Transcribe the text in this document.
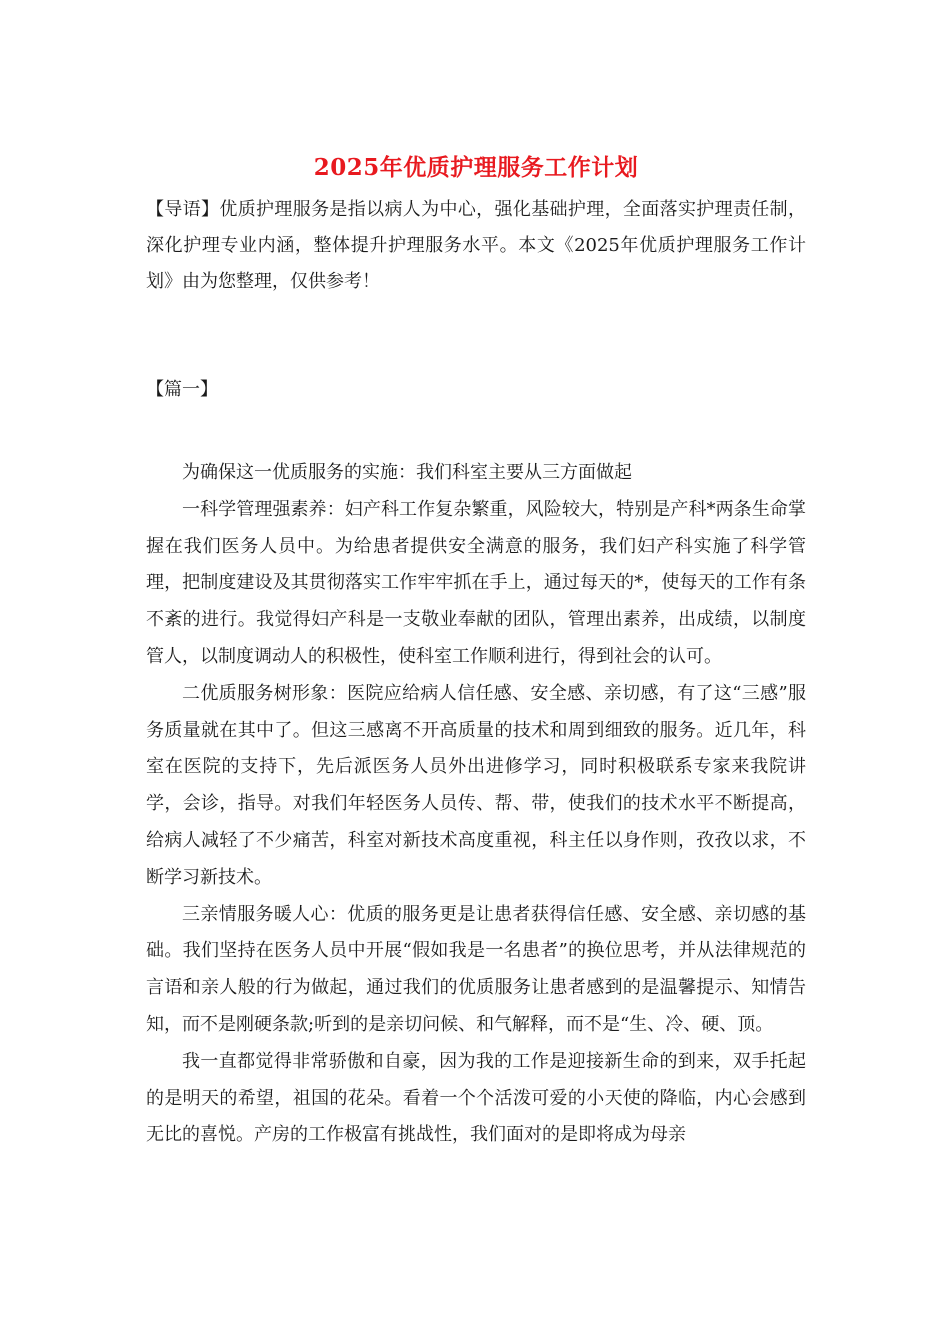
2025年优质护理服务工作计划

【导语】优质护理服务是指以病人为中心，强化基础护理，全面落实护理责任制，深化护理专业内涵，整体提升护理服务水平。本文《2025年优质护理服务工作计划》由为您整理，仅供参考！

【篇一】

为确保这一优质服务的实施：我们科室主要从三方面做起

一科学管理强素养：妇产科工作复杂繁重，风险较大，特别是产科*两条生命掌握在我们医务人员中。为给患者提供安全满意的服务，我们妇产科实施了科学管理，把制度建设及其贯彻落实工作牢牢抓在手上，通过每天的*，使每天的工作有条不紊的进行。我觉得妇产科是一支敬业奉献的团队，管理出素养，出成绩，以制度管人，以制度调动人的积极性，使科室工作顺利进行，得到社会的认可。

二优质服务树形象：医院应给病人信任感、安全感、亲切感，有了这“三感”服务质量就在其中了。但这三感离不开高质量的技术和周到细致的服务。近几年，科室在医院的支持下，先后派医务人员外出进修学习，同时积极联系专家来我院讲学，会诊，指导。对我们年轻医务人员传、帮、带，使我们的技术水平不断提高，给病人减轻了不少痛苦，科室对新技术高度重视，科主任以身作则，孜孜以求，不断学习新技术。

三亲情服务暖人心：优质的服务更是让患者获得信任感、安全感、亲切感的基础。我们坚持在医务人员中开展“假如我是一名患者”的换位思考，并从法律规范的言语和亲人般的行为做起，通过我们的优质服务让患者感到的是温馨提示、知情告知，而不是刚硬条款;听到的是亲切问候、和气解释，而不是“生、冷、硬、顶。

我一直都觉得非常骄傲和自豪，因为我的工作是迎接新生命的到来，双手托起的是明天的希望，祖国的花朵。看着一个个活泼可爱的小天使的降临，内心会感到无比的喜悦。产房的工作极富有挑战性，我们面对的是即将成为母亲
